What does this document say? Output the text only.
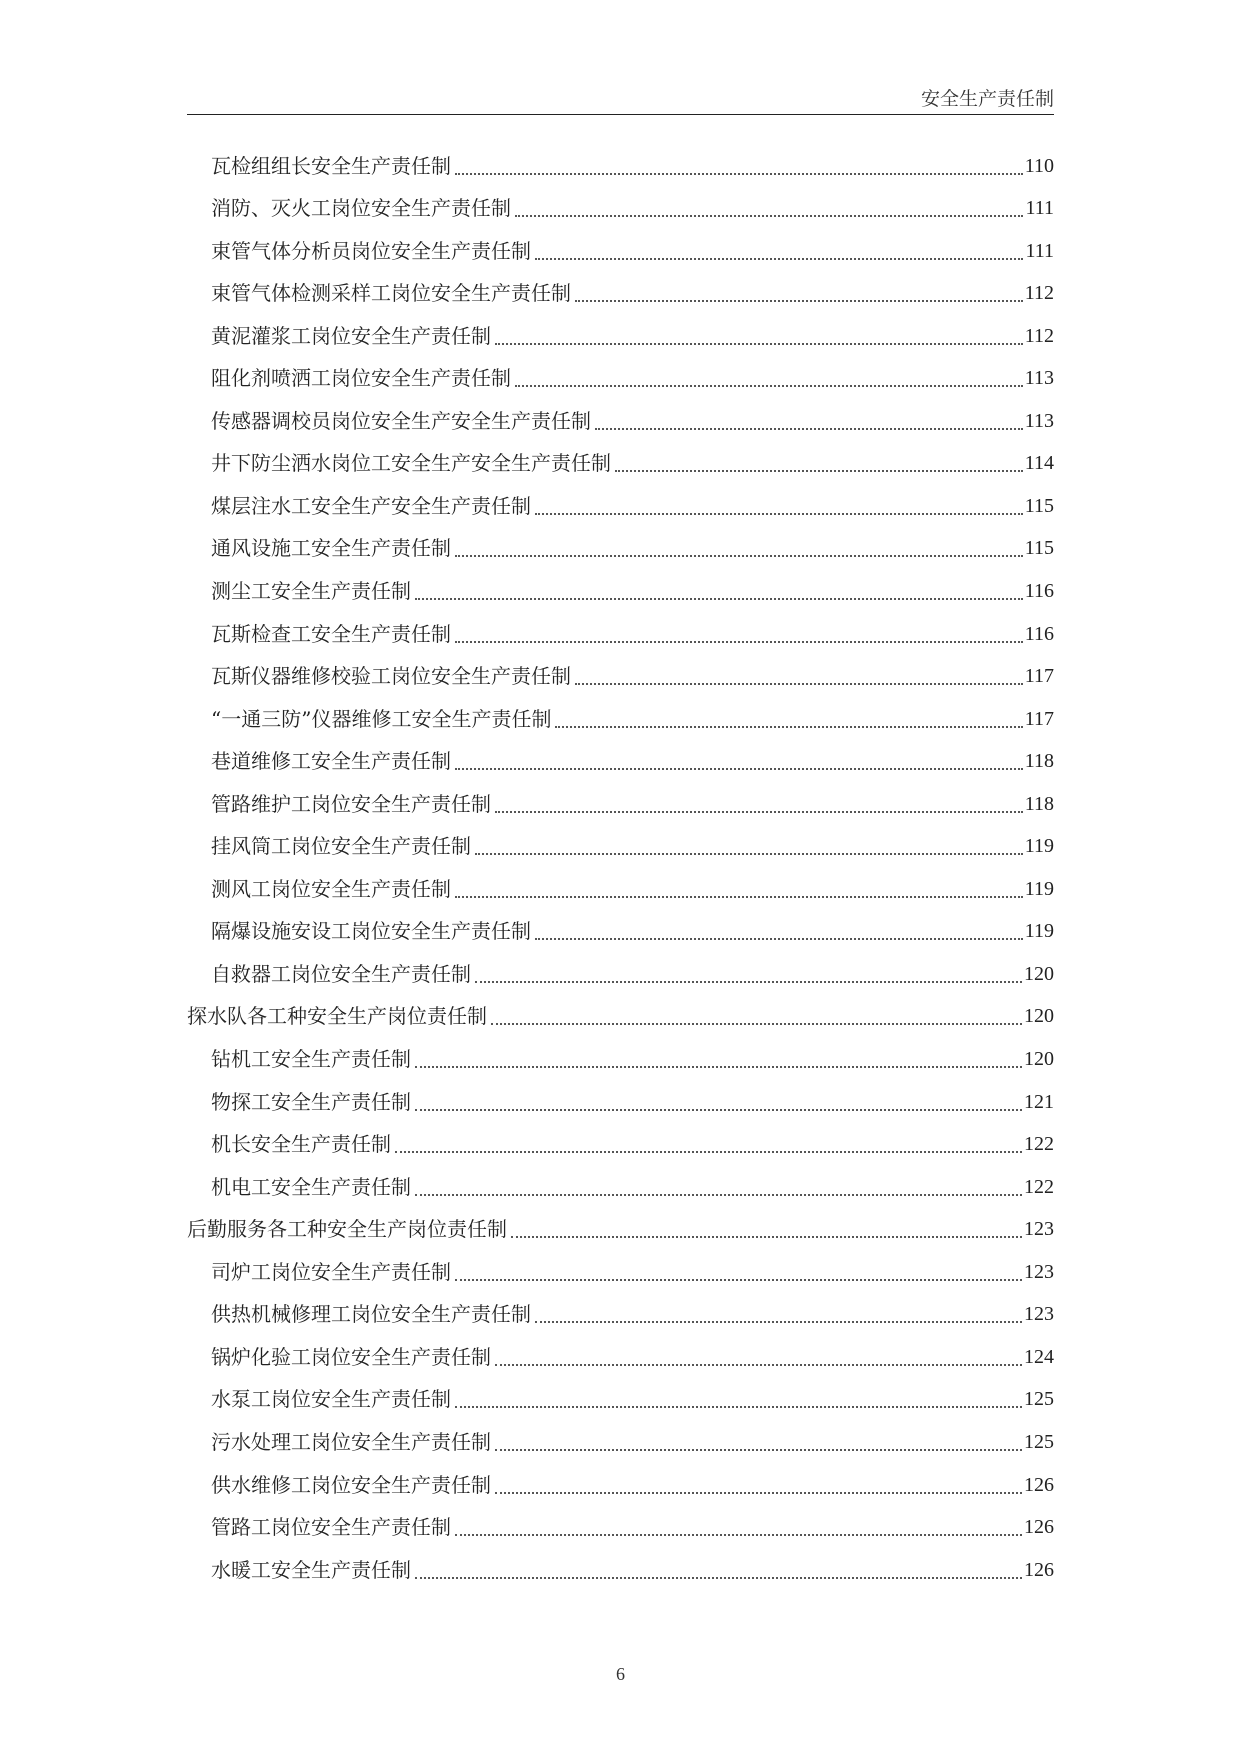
安全生产责任制
瓦检组组长安全生产责任制	110
消防、灭火工岗位安全生产责任制	111
束管气体分析员岗位安全生产责任制	111
束管气体检测采样工岗位安全生产责任制	112
黄泥灌浆工岗位安全生产责任制	112
阻化剂喷洒工岗位安全生产责任制	113
传感器调校员岗位安全生产安全生产责任制	113
井下防尘洒水岗位工安全生产安全生产责任制	114
煤层注水工安全生产安全生产责任制	115
通风设施工安全生产责任制	115
测尘工安全生产责任制	116
瓦斯检查工安全生产责任制	116
瓦斯仪器维修校验工岗位安全生产责任制	117
“一通三防”仪器维修工安全生产责任制	117
巷道维修工安全生产责任制	118
管路维护工岗位安全生产责任制	118
挂风筒工岗位安全生产责任制	119
测风工岗位安全生产责任制	119
隔爆设施安设工岗位安全生产责任制	119
自救器工岗位安全生产责任制	120
探水队各工种安全生产岗位责任制	120
钻机工安全生产责任制	120
物探工安全生产责任制	121
机长安全生产责任制	122
机电工安全生产责任制	122
后勤服务各工种安全生产岗位责任制	123
司炉工岗位安全生产责任制	123
供热机械修理工岗位安全生产责任制	123
锅炉化验工岗位安全生产责任制	124
水泵工岗位安全生产责任制	125
污水处理工岗位安全生产责任制	125
供水维修工岗位安全生产责任制	126
管路工岗位安全生产责任制	126
水暖工安全生产责任制	126
6
